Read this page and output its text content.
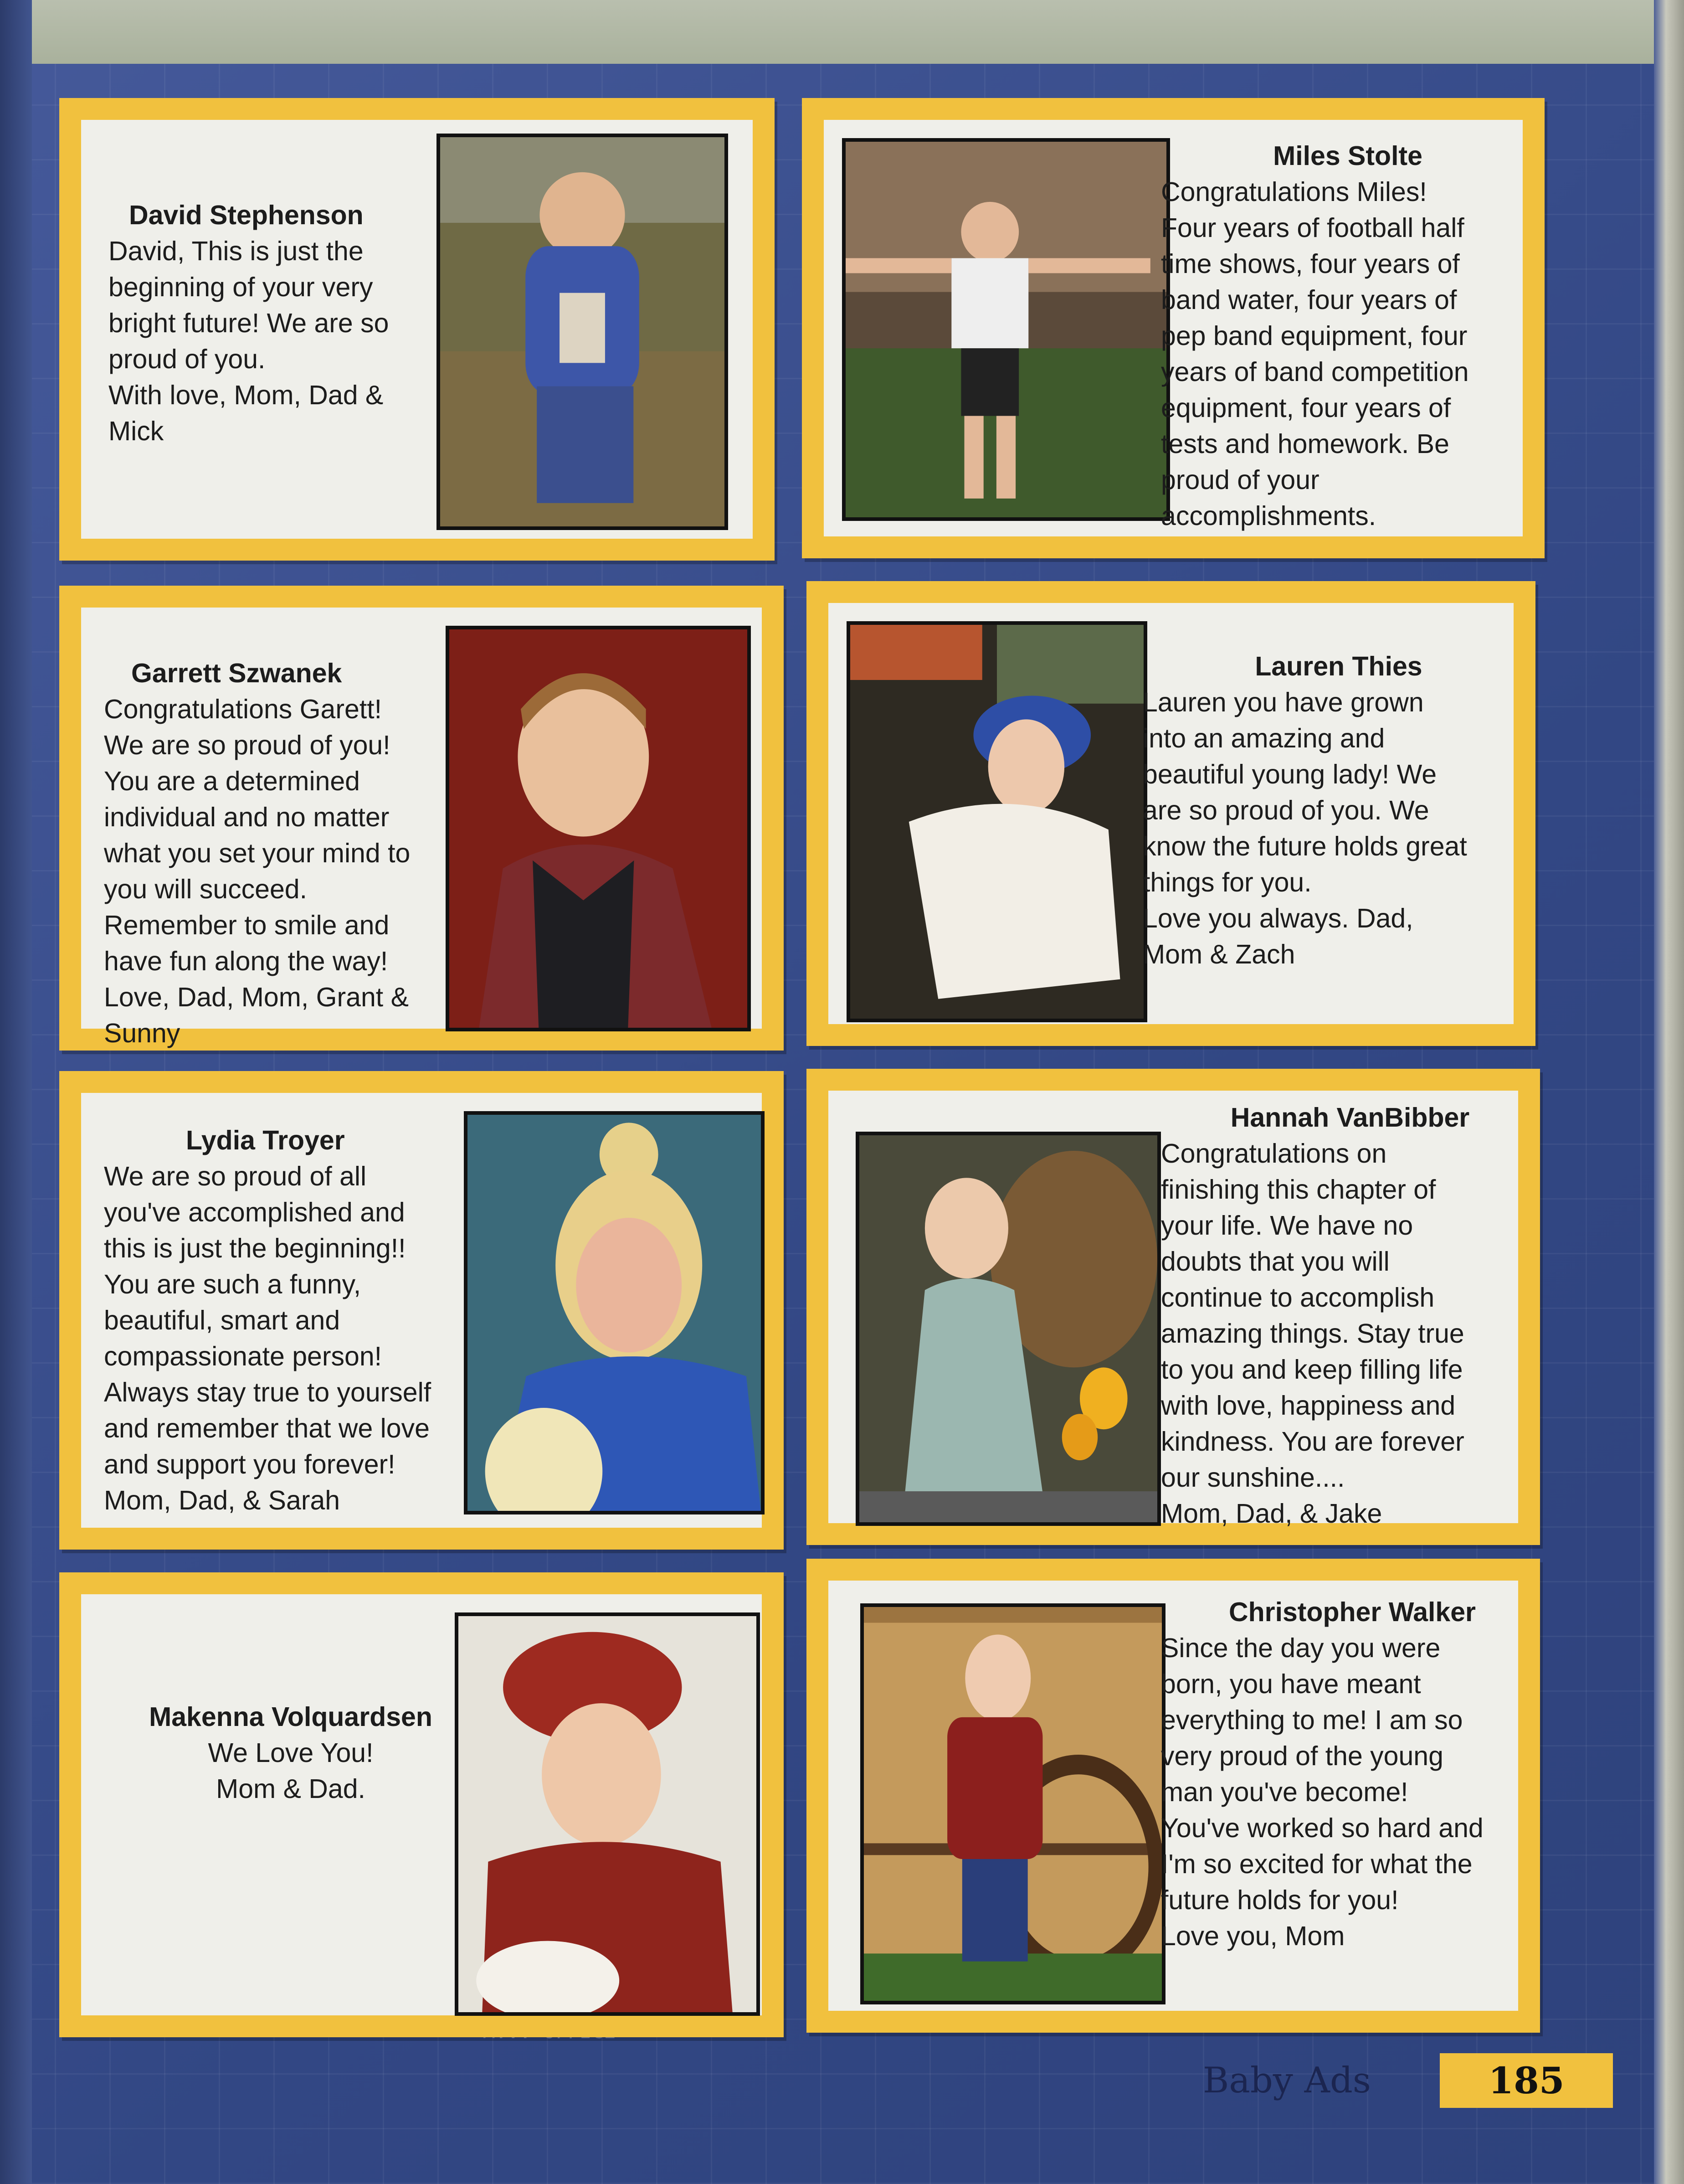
David Stephenson
David, This is just the
beginning of your very
bright future! We are so
proud of you.
With love, Mom, Dad &
Mick
Miles Stolte
Congratulations Miles!
Four years of football half
time shows, four years of
band water, four years of
pep band equipment, four
years of band competition
equipment, four years of
tests and homework. Be
proud of your
accomplishments.
Garrett Szwanek
Congratulations Garett!
We are so proud of you!
You are a determined
individual and no matter
what you set your mind to
you will succeed.
Remember to smile and
have fun along the way!
Love, Dad, Mom, Grant &
Sunny
Lauren Thies
Lauren you have grown
into an amazing and
beautiful young lady! We
are so proud of you. We
know the future holds great
things for you.
Love you always. Dad,
Mom & Zach
Lydia Troyer
We are so proud of all
you've accomplished and
this is just the beginning!!
You are such a funny,
beautiful, smart and
compassionate person!
Always stay true to yourself
and remember that we love
and support you forever!
Mom, Dad, & Sarah
Hannah VanBibber
Congratulations on
finishing this chapter of
your life. We have no
doubts that you will
continue to accomplish
amazing things. Stay true
to you and keep filling life
with love, happiness and
kindness. You are forever
our sunshine....
Mom, Dad, & Jake
Makenna Volquardsen
We Love You!
Mom & Dad.
Christopher Walker
Since the day you were
born, you have meant
everything to me! I am so
very proud of the young
man you've become!
You've worked so hard and
I'm so excited for what the
future holds for you!
Love you, Mom
Baby Ads	185
